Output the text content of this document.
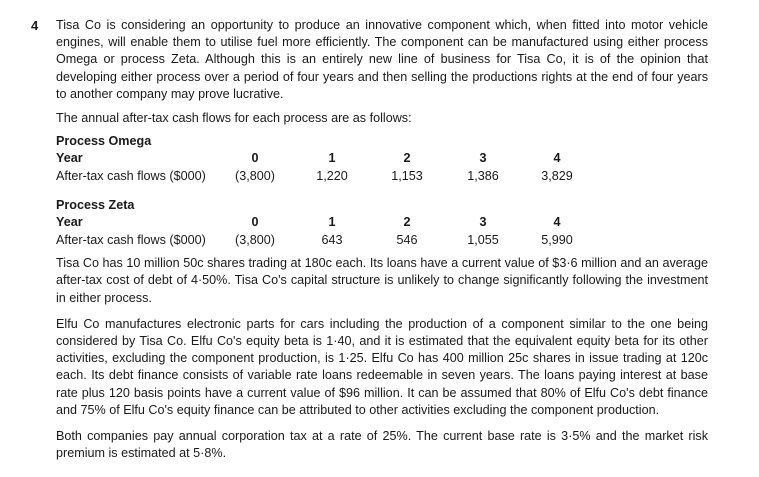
4 Tisa Co is considering an opportunity to produce an innovative component which, when fitted into motor vehicle engines, will enable them to utilise fuel more efficiently. The component can be manufactured using either process Omega or process Zeta. Although this is an entirely new line of business for Tisa Co, it is of the opinion that developing either process over a period of four years and then selling the productions rights at the end of four years to another company may prove lucrative.

The annual after-tax cash flows for each process are as follows:

Process Omega
Year	0	1	2	3	4
After-tax cash flows ($000) (3,800)	1,220	1,153	1,386	3,829
Process Zeta
Year	0	1	2	3	4
After-tax cash flows ($000) (3,800)	643	546	1,055	5,990

Tisa Co has 10 million 50c shares trading at 180c each. Its loans have a current value of $3·6 million and an average after-tax cost of debt of 4·50%. Tisa Co's capital structure is unlikely to change significantly following the investment in either process.

Elfu Co manufactures electronic parts for cars including the production of a component similar to the one being considered by Tisa Co. Elfu Co's equity beta is 1·40, and it is estimated that the equivalent equity beta for its other activities, excluding the component production, is 1·25. Elfu Co has 400 million 25c shares in issue trading at 120c each. Its debt finance consists of variable rate loans redeemable in seven years. The loans paying interest at base rate plus 120 basis points have a current value of $96 million. It can be assumed that 80% of Elfu Co's debt finance and 75% of Elfu Co's equity finance can be attributed to other activities excluding the component production.

Both companies pay annual corporation tax at a rate of 25%. The current base rate is 3·5% and the market risk premium is estimated at 5·8%.
